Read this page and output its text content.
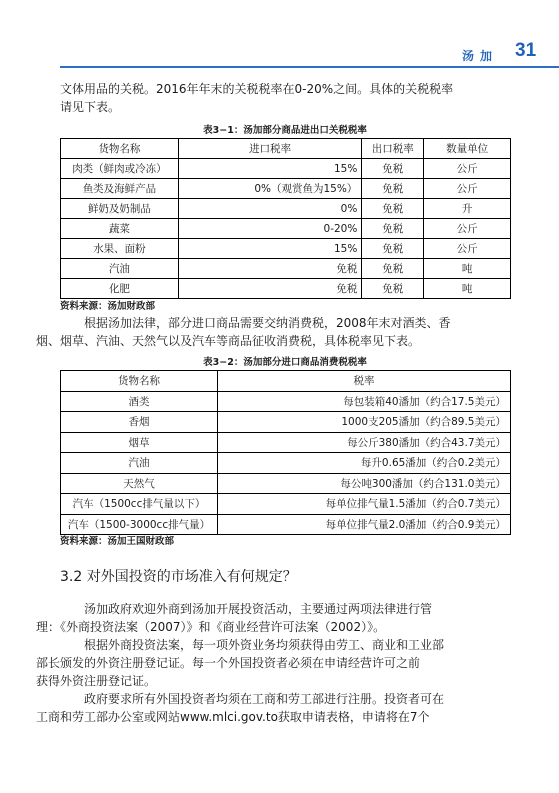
汤加 31

文体用品的关税。2016年年末的关税税率在0-20%之间。具体的关税税率
请见下表。

表3−1：汤加部分商品进出口关税税率
货物名称	进口税率	出口税率	数量单位
肉类（鲜肉或冷冻）	15%	免税	公斤
鱼类及海鲜产品	0%（观赏鱼为15%）	免税	公斤
鲜奶及奶制品	0%	免税	升
蔬菜	0-20%	免税	公斤
水果、面粉	15%	免税	公斤
汽油	免税	免税	吨
化肥	免税	免税	吨
资料来源：汤加财政部

根据汤加法律，部分进口商品需要交纳消费税，2008年末对酒类、香
烟、烟草、汽油、天然气以及汽车等商品征收消费税，具体税率见下表。

表3−2：汤加部分进口商品消费税税率
货物名称	税率
酒类	每包装箱40潘加（约合17.5美元）
香烟	1000支205潘加（约合89.5美元）
烟草	每公斤380潘加（约合43.7美元）
汽油	每升0.65潘加（约合0.2美元）
天然气	每公吨300潘加（约合131.0美元）
汽车（1500cc排气量以下）	每单位排气量1.5潘加（约合0.7美元）
汽车（1500-3000cc排气量）	每单位排气量2.0潘加（约合0.9美元）
资料来源：汤加王国财政部
3.2 对外国投资的市场准入有何规定？

汤加政府欢迎外商到汤加开展投资活动，主要通过两项法律进行管
理：《外商投资法案（2007）》和《商业经营许可法案（2002）》。

根据外商投资法案，每一项外资业务均须获得由劳工、商业和工业部
部长颁发的外资注册登记证。每一个外国投资者必须在申请经营许可之前
获得外资注册登记证。

政府要求所有外国投资者均须在工商和劳工部进行注册。投资者可在
工商和劳工部办公室或网站www.mlci.gov.to获取申请表格，申请将在7个
